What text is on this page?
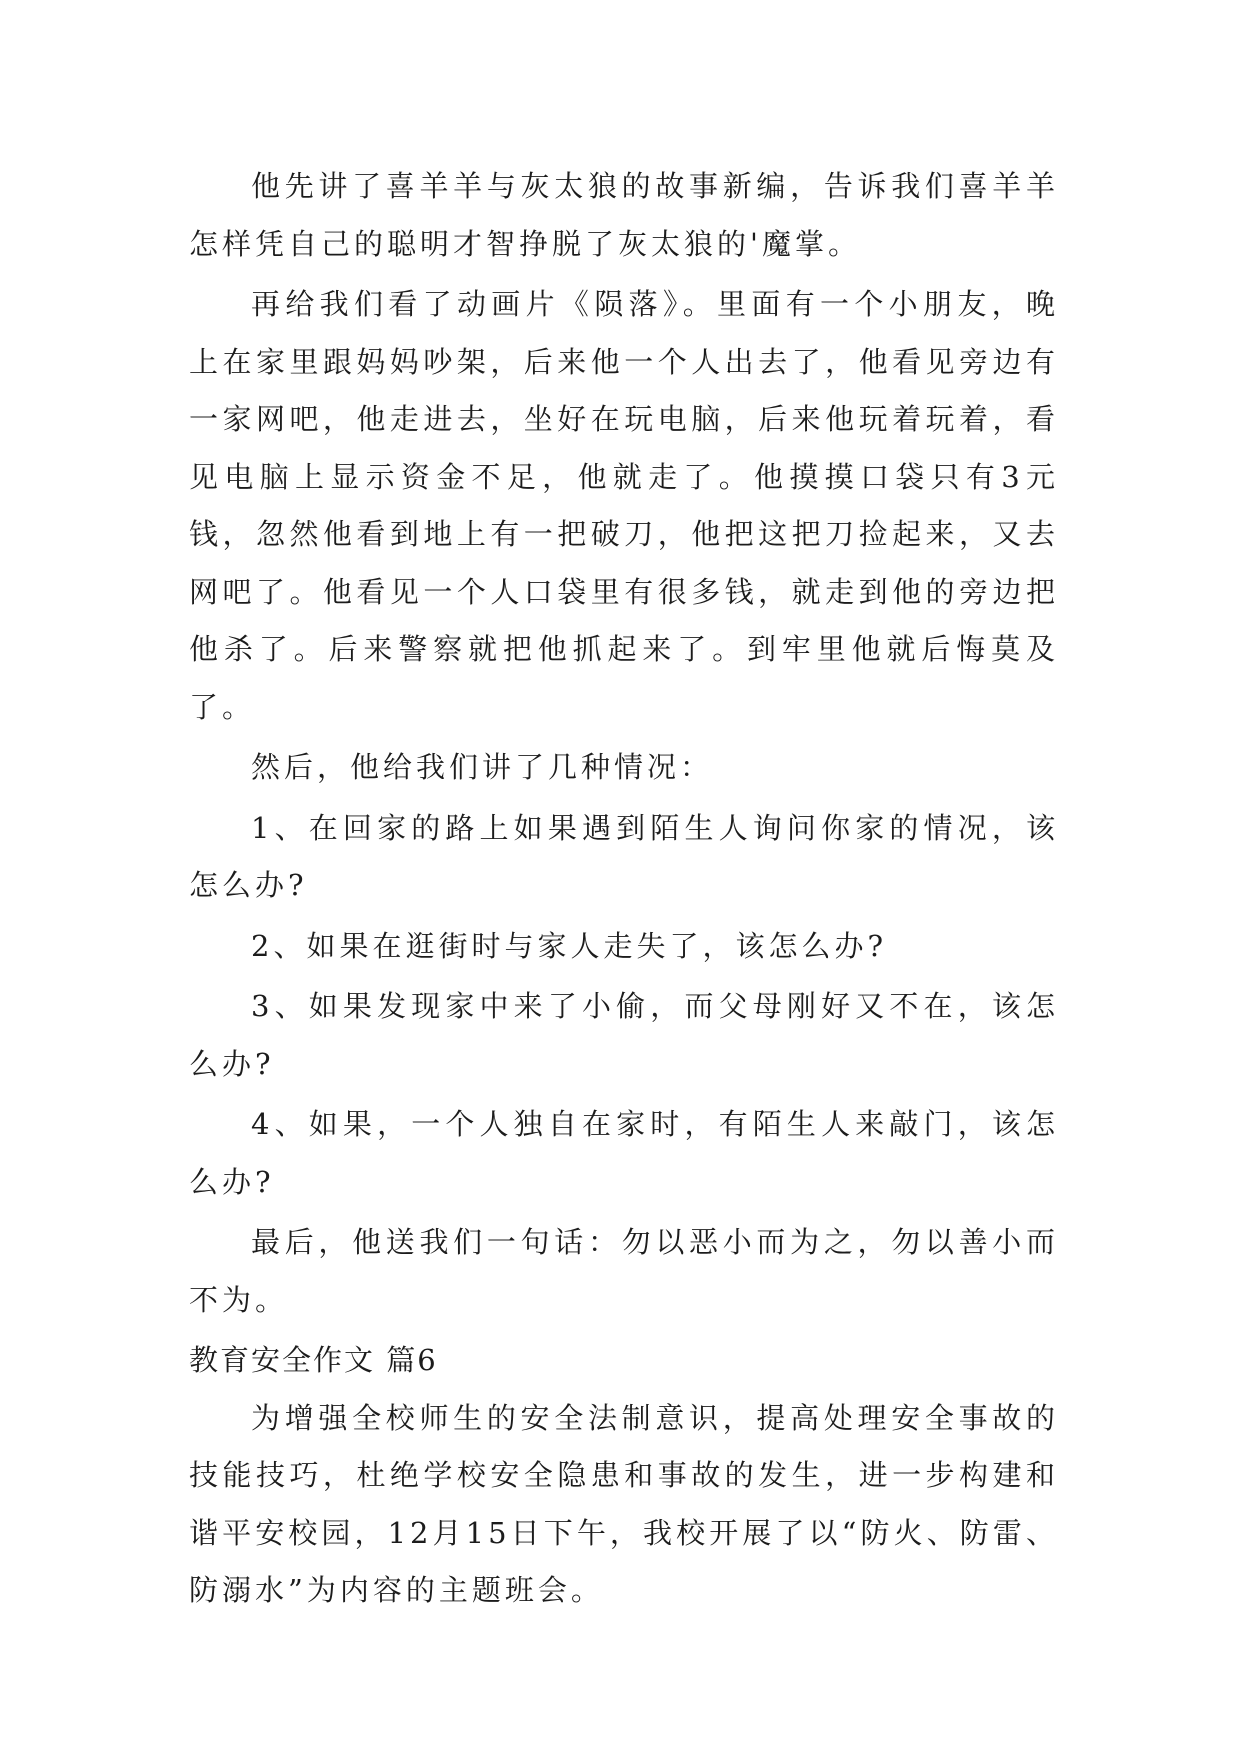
他先讲了喜羊羊与灰太狼的故事新编，告诉我们喜羊羊怎样凭自己的聪明才智挣脱了灰太狼的'魔掌。

再给我们看了动画片《陨落》。里面有一个小朋友，晚上在家里跟妈妈吵架，后来他一个人出去了，他看见旁边有一家网吧，他走进去，坐好在玩电脑，后来他玩着玩着，看见电脑上显示资金不足，他就走了。他摸摸口袋只有3元钱，忽然他看到地上有一把破刀，他把这把刀捡起来，又去网吧了。他看见一个人口袋里有很多钱，就走到他的旁边把他杀了。后来警察就把他抓起来了。到牢里他就后悔莫及了。

然后，他给我们讲了几种情况：

1、在回家的路上如果遇到陌生人询问你家的情况，该怎么办?

2、如果在逛街时与家人走失了，该怎么办?

3、如果发现家中来了小偷，而父母刚好又不在，该怎么办?

4、如果，一个人独自在家时，有陌生人来敲门，该怎么办?

最后，他送我们一句话：勿以恶小而为之，勿以善小而不为。

教育安全作文 篇6

为增强全校师生的安全法制意识，提高处理安全事故的技能技巧，杜绝学校安全隐患和事故的发生，进一步构建和谐平安校园，12月15日下午，我校开展了以“防火、防雷、防溺水”为内容的主题班会。
